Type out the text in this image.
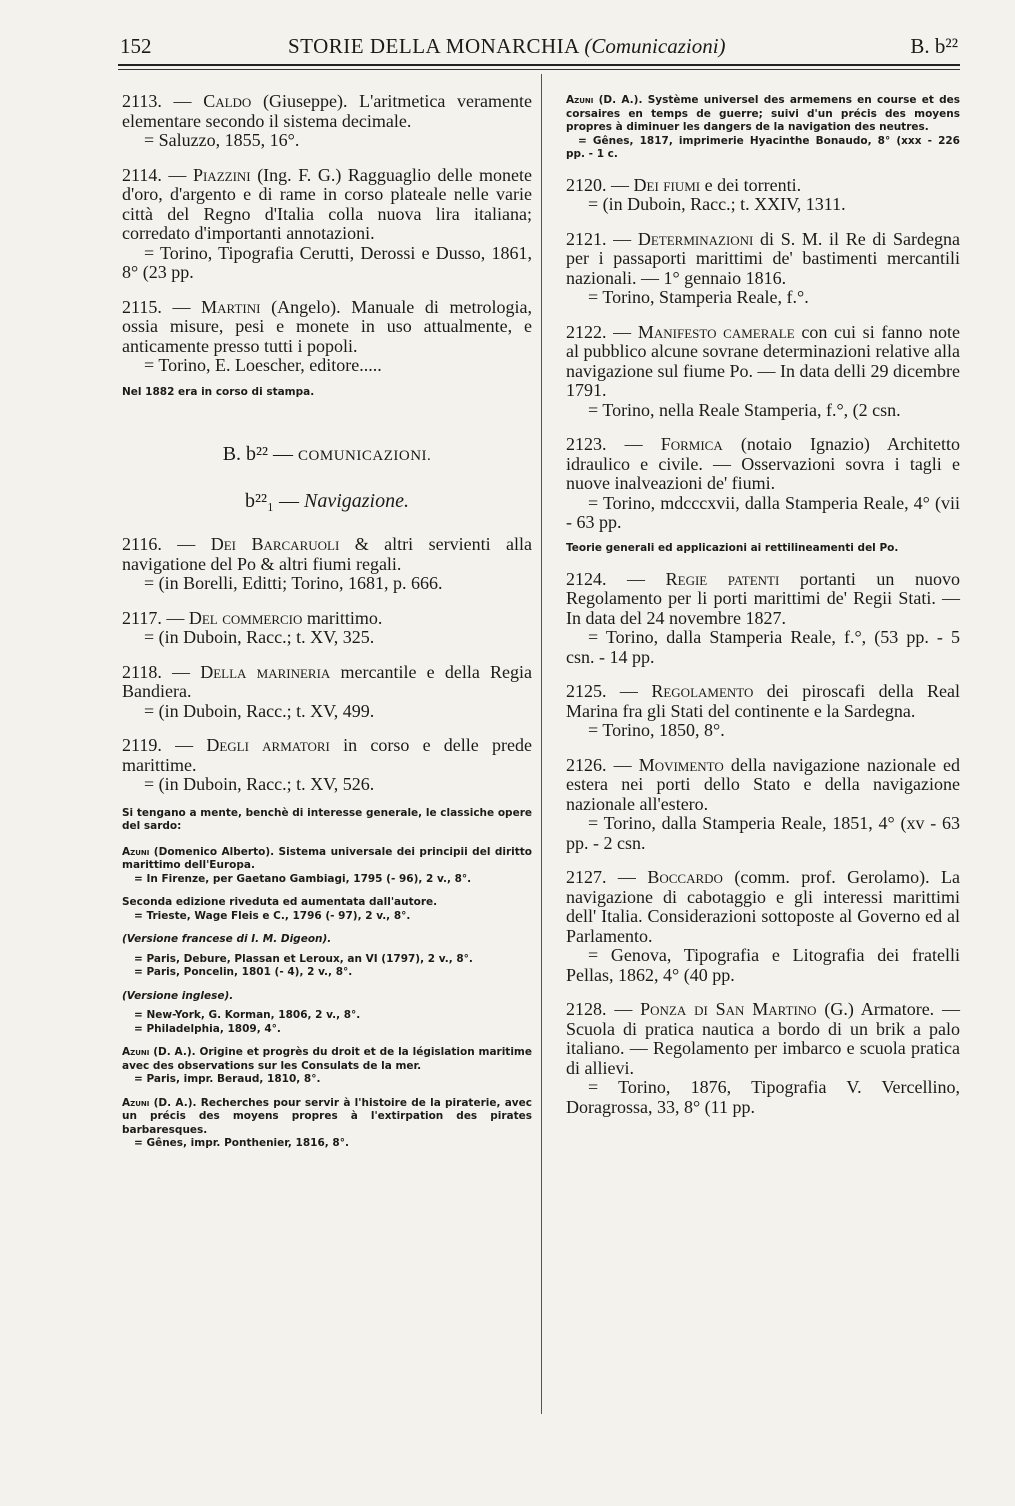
152	STORIE DELLA MONARCHIA (Comunicazioni)	B. b²²
2113. — Caldo (Giuseppe). L'aritmetica veramente elementare secondo il sistema decimale.
= Saluzzo, 1855, 16°.
2114. — Piazzini (Ing. F. G.) Ragguaglio delle monete d'oro, d'argento e di rame in corso plateale nelle varie città del Regno d'Italia colla nuova lira italiana; corredato d'importanti annotazioni.
= Torino, Tipografia Cerutti, Derossi e Dusso, 1861, 8° (23 pp.
2115. — Martini (Angelo). Manuale di metrologia, ossia misure, pesi e monete in uso attualmente, e anticamente presso tutti i popoli.
= Torino, E. Loescher, editore.....
Nel 1882 era in corso di stampa.
B. b²² — COMUNICAZIONI.
b²²₁ — Navigazione.
2116. — Dei Barcaruoli & altri servienti alla navigatione del Po & altri fiumi regali.
= (in Borelli, Editti; Torino, 1681, p. 666.
2117. — Del commercio marittimo.
= (in Duboin, Racc.; t. XV, 325.
2118. — Della marineria mercantile e della Regia Bandiera.
= (in Duboin, Racc.; t. XV, 499.
2119. — Degli armatori in corso e delle prede marittime.
= (in Duboin, Racc.; t. XV, 526.
Si tengano a mente, benchè di interesse generale, le classiche opere del sardo:
Azuni (Domenico Alberto). Sistema universale dei principii del diritto marittimo dell'Europa.
= In Firenze, per Gaetano Gambiagi, 1795 (- 96), 2 v., 8°.
Seconda edizione riveduta ed aumentata dall'autore.
= Trieste, Wage Fleis e C., 1796 (- 97), 2 v., 8°.
(Versione francese di I. M. Digeon).
= Paris, Debure, Plassan et Leroux, an VI (1797), 2 v., 8°.
= Paris, Poncelin, 1801 (- 4), 2 v., 8°.
(Versione inglese).
= New-York, G. Korman, 1806, 2 v., 8°.
= Philadelphia, 1809, 4°.
Azuni (D. A.). Origine et progrès du droit et de la législation maritime avec des observations sur les Consulats de la mer.
= Paris, impr. Beraud, 1810, 8°.
Azuni (D. A.). Recherches pour servir à l'histoire de la piraterie, avec un précis des moyens propres à l'extirpation des pirates barbaresques.
= Gênes, impr. Ponthenier, 1816, 8°.
Azuni (D. A.). Système universel des armemens en course et des corsaires en temps de guerre; suivi d'un précis des moyens propres à diminuer les dangers de la navigation des neutres.
= Gênes, 1817, imprimerie Hyacinthe Bonaudo, 8° (xxx - 226 pp. - 1 c.
2120. — Dei fiumi e dei torrenti.
= (in Duboin, Racc.; t. XXIV, 1311.
2121. — Determinazioni di S. M. il Re di Sardegna per i passaporti marittimi de' bastimenti mercantili nazionali. — 1° gennaio 1816.
= Torino, Stamperia Reale, f.°.
2122. — Manifesto camerale con cui si fanno note al pubblico alcune sovrane determinazioni relative alla navigazione sul fiume Po. — In data delli 29 dicembre 1791.
= Torino, nella Reale Stamperia, f.°, (2 csn.
2123. — Formica (notaio Ignazio) Architetto idraulico e civile. — Osservazioni sovra i tagli e nuove inalveazioni de' fiumi.
= Torino, mdcccxvii, dalla Stamperia Reale, 4° (vii - 63 pp.
Teorie generali ed applicazioni ai rettilineamenti del Po.
2124. — Regie patenti portanti un nuovo Regolamento per li porti marittimi de' Regii Stati. — In data del 24 novembre 1827.
= Torino, dalla Stamperia Reale, f.°, (53 pp. - 5 csn. - 14 pp.
2125. — Regolamento dei piroscafi della Real Marina fra gli Stati del continente e la Sardegna.
= Torino, 1850, 8°.
2126. — Movimento della navigazione nazionale ed estera nei porti dello Stato e della navigazione nazionale all'estero.
= Torino, dalla Stamperia Reale, 1851, 4° (xv - 63 pp. - 2 csn.
2127. — Boccardo (comm. prof. Gerolamo). La navigazione di cabotaggio e gli interessi marittimi dell' Italia. Considerazioni sottoposte al Governo ed al Parlamento.
= Genova, Tipografia e Litografia dei fratelli Pellas, 1862, 4° (40 pp.
2128. — Ponza di San Martino (G.) Armatore. — Scuola di pratica nautica a bordo di un brik a palo italiano. — Regolamento per imbarco e scuola pratica di allievi.
= Torino, 1876, Tipografia V. Vercellino, Doragrossa, 33, 8° (11 pp.
